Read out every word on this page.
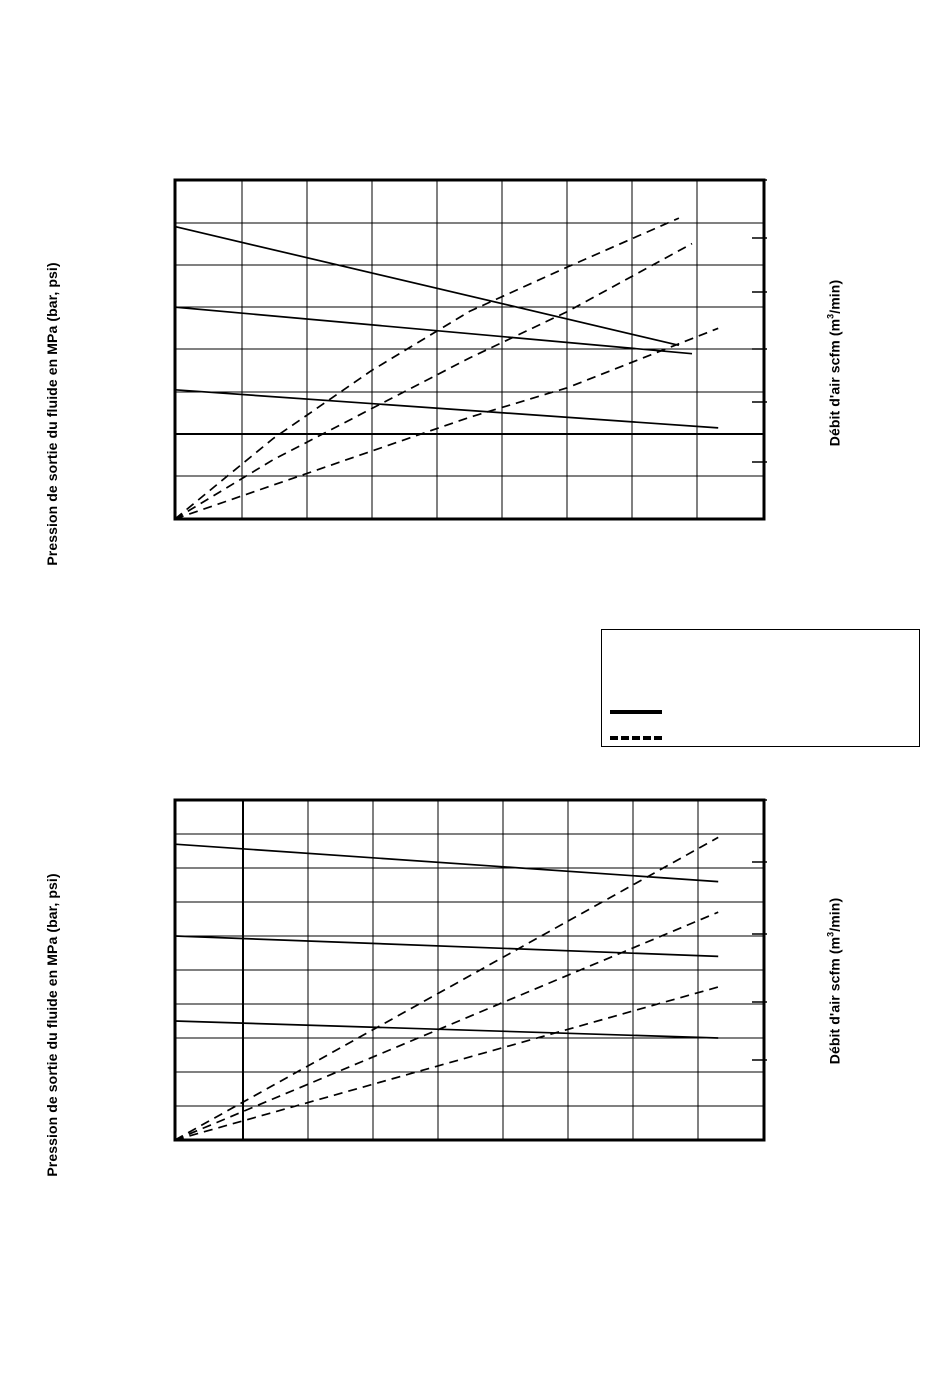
Pression de sortie du fluide en MPa (bar, psi)	Débit d'air scfm $(m^3/\min)$
Pression de sortie du fluide en MPa (bar, psi)	Débit d'air scfm $(m^3/\min)$
